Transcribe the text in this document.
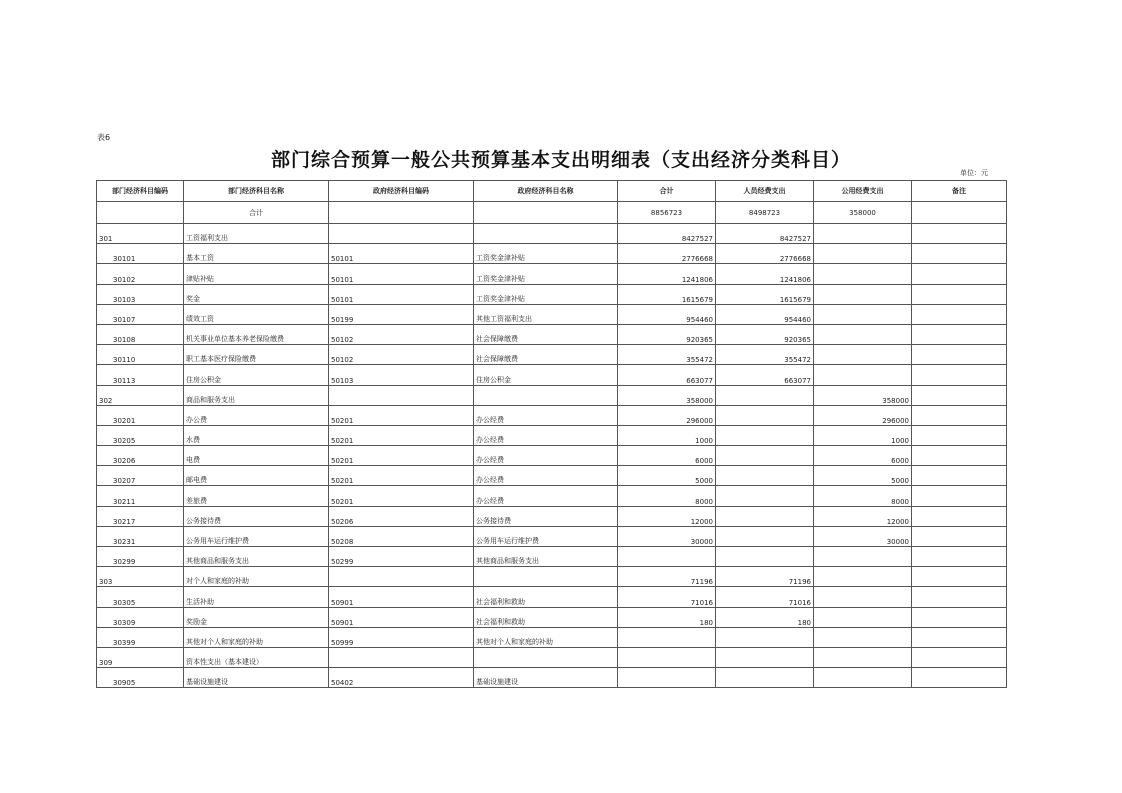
表6
部门综合预算一般公共预算基本支出明细表（支出经济分类科目）
单位：元
部门经济科目编码	部门经济科目名称	政府经济科目编码	政府经济科目名称	合计	人员经费支出	公用经费支出	备注
	合计			8856723	8498723	358000	
301	工资福利支出			8427527	8427527		
30101	基本工资	50101	工资奖金津补贴	2776668	2776668		
30102	津贴补贴	50101	工资奖金津补贴	1241806	1241806		
30103	奖金	50101	工资奖金津补贴	1615679	1615679		
30107	绩效工资	50199	其他工资福利支出	954460	954460		
30108	机关事业单位基本养老保险缴费	50102	社会保障缴费	920365	920365		
30110	职工基本医疗保险缴费	50102	社会保障缴费	355472	355472		
30113	住房公积金	50103	住房公积金	663077	663077		
302	商品和服务支出			358000		358000	
30201	办公费	50201	办公经费	296000		296000	
30205	水费	50201	办公经费	1000		1000	
30206	电费	50201	办公经费	6000		6000	
30207	邮电费	50201	办公经费	5000		5000	
30211	差旅费	50201	办公经费	8000		8000	
30217	公务接待费	50206	公务接待费	12000		12000	
30231	公务用车运行维护费	50208	公务用车运行维护费	30000		30000	
30299	其他商品和服务支出	50299	其他商品和服务支出				
303	对个人和家庭的补助			71196	71196		
30305	生活补助	50901	社会福利和救助	71016	71016		
30309	奖励金	50901	社会福利和救助	180	180		
30399	其他对个人和家庭的补助	50999	其他对个人和家庭的补助				
309	资本性支出（基本建设）						
30905	基础设施建设	50402	基础设施建设				
